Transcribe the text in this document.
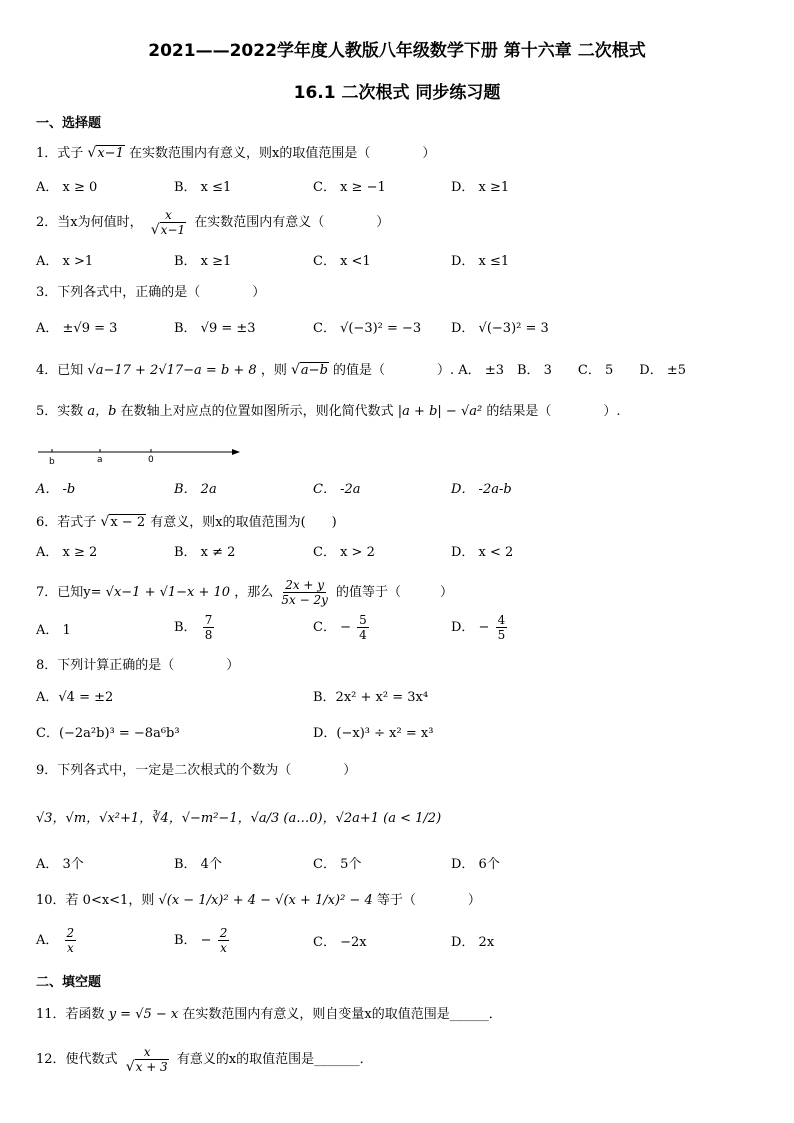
2021——2022学年度人教版八年级数学下册 第十六章 二次根式
16.1 二次根式 同步练习题
一、选择题
1．式子 √x−1 在实数范围内有意义，则x的取值范围是（　　　　）
A． x ≥ 0	B． x ≤1	C． x ≥ −1	D． x ≥1
2．当x为何值时， $\frac{x}{√x-1}$ 在实数范围内有意义（　　　　）
A． x >1	B． x ≥1	C． x <1	D． x ≤1
3．下列各式中，正确的是（　　　　）
A． ±√9 = 3	B． √9 = ±3	C． √(−3)² = −3 D． √(−3)² = 3
4．已知 √a−17 + 2√17−a = b + 8 ，则 √a−b 的值是（　　　　）. A． ±3　B． 3　　C． 5　　D． ±5
5．实数 a，b 在数轴上对应点的位置如图所示，则化简代数式 |a + b| − √a² 的结果是（　　　　）.
b	a	0
A． -b	B． 2a	C． -2a	D． -2a-b
6．若式子 √x − 2 有意义，则x的取值范围为(　　)
A． x ≥ 2	B． x ≠ 2	C． x > 2	D． x < 2
7．已知y= √x−1 + √1−x + 10 ，那么 $\frac{2x + y}{5x - 2y}$ 的值等于（　　　）
A． 1	B． $\frac{7}{8}$	C． − $\frac{5}{4}$	D． − $\frac{4}{5}$
8．下列计算正确的是（　　　　）
A．√4 = ±2	B．2x² + x² = 3x⁴
C．(−2a²b)³ = −8a⁶b³	D．(−x)³ ÷ x² = x³
9．下列各式中，一定是二次根式的个数为（　　　　）
√3，√m，√x²+1，∛4，√−m²−1，√a/3 (a…0)，√2a+1 (a < 1/2)
A． 3个	B． 4个	C． 5个	D． 6个
10．若 0<x<1，则 √(x − 1/x)² + 4 − √(x + 1/x)² − 4 等于（　　　　）
A． $\frac{2}{x}$	B． − $\frac{2}{x}$	C． −2x	D． 2x
二、填空题
11．若函数 y = √5 − x 在实数范围内有意义，则自变量x的取值范围是______．
12．使代数式 $\frac{x}{√x + 3}$ 有意义的x的取值范围是_______．
